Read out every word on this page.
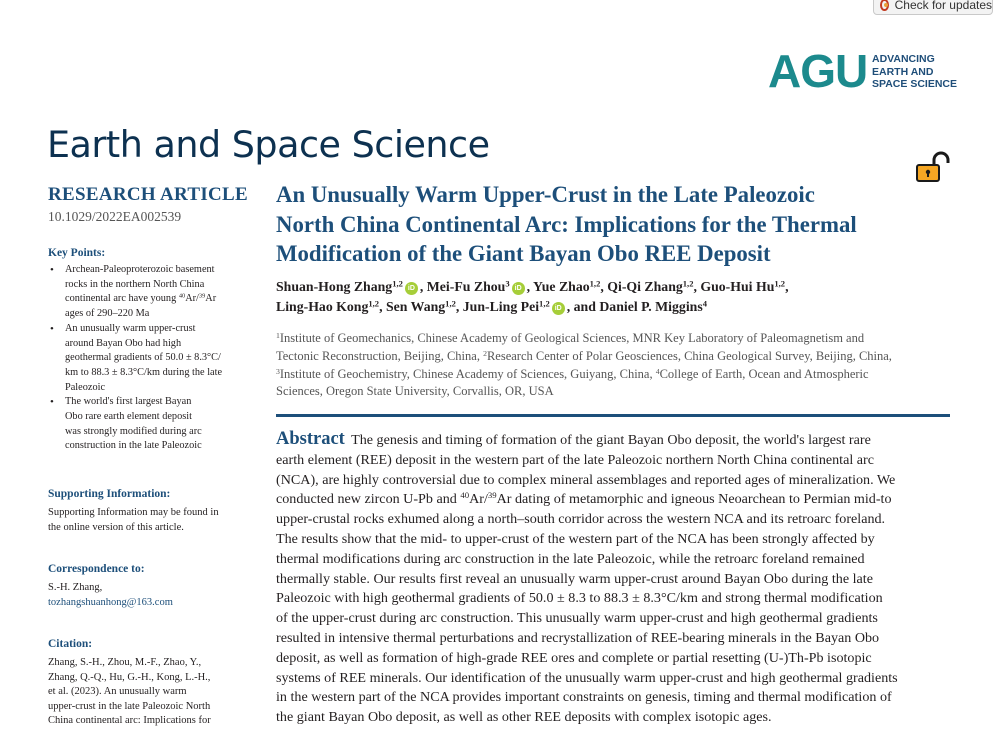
Check for updates
AGU ADVANCING
EARTH AND
SPACE SCIENCE
Earth and Space Science
RESEARCH ARTICLE
10.1029/2022EA002539
Key Points:
• Archean-Paleoproterozoic basement
rocks in the northern North China
continental arc have young $^{40}$Ar/$^{39}$Ar
ages of 290–220 Ma
• An unusually warm upper-crust
around Bayan Obo had high
geothermal gradients of 50.0 ± 8.3°C/
km to 88.3 ± 8.3°C/km during the late
Paleozoic
• The world's first largest Bayan
Obo rare earth element deposit
was strongly modified during arc
construction in the late Paleozoic
Supporting Information:
Supporting Information may be found in
the online version of this article.
Correspondence to:
S.-H. Zhang,
tozhangshuanhong@163.com
Citation:
Zhang, S.-H., Zhou, M.-F., Zhao, Y.,
Zhang, Q.-Q., Hu, G.-H., Kong, L.-H.,
et al. (2023). An unusually warm
upper-crust in the late Paleozoic North
China continental arc: Implications for
An Unusually Warm Upper-Crust in the Late Paleozoic
North China Continental Arc: Implications for the Thermal
Modification of the Giant Bayan Obo REE Deposit
Shuan-Hong Zhang$^{1,2}$iD , Mei-Fu Zhou$^3$iD , Yue Zhao$^{1,2}$, Qi-Qi Zhang$^{1,2}$, Guo-Hui Hu$^{1,2}$,
Ling-Hao Kong$^{1,2}$, Sen Wang$^{1,2}$, Jun-Ling Pei$^{1,2}$iD , and Daniel P. Miggins$^4$
$^1$Institute of Geomechanics, Chinese Academy of Geological Sciences, MNR Key Laboratory of Paleomagnetism and
Tectonic Reconstruction, Beijing, China, $^2$Research Center of Polar Geosciences, China Geological Survey, Beijing, China,
$^3$Institute of Geochemistry, Chinese Academy of Sciences, Guiyang, China, $^4$College of Earth, Ocean and Atmospheric
Sciences, Oregon State University, Corvallis, OR, USA
Abstract The genesis and timing of formation of the giant Bayan Obo deposit, the world's largest rare
earth element (REE) deposit in the western part of the late Paleozoic northern North China continental arc
(NCA), are highly controversial due to complex mineral assemblages and reported ages of mineralization. We
conducted new zircon U-Pb and $^{40}$Ar/$^{39}$Ar dating of metamorphic and igneous Neoarchean to Permian mid-to
upper-crustal rocks exhumed along a north–south corridor across the western NCA and its retroarc foreland.
The results show that the mid- to upper-crust of the western part of the NCA has been strongly affected by
thermal modifications during arc construction in the late Paleozoic, while the retroarc foreland remained
thermally stable. Our results first reveal an unusually warm upper-crust around Bayan Obo during the late
Paleozoic with high geothermal gradients of 50.0 ± 8.3 to 88.3 ± 8.3°C/km and strong thermal modification
of the upper-crust during arc construction. This unusually warm upper-crust and high geothermal gradients
resulted in intensive thermal perturbations and recrystallization of REE-bearing minerals in the Bayan Obo
deposit, as well as formation of high-grade REE ores and complete or partial resetting (U-)Th-Pb isotopic
systems of REE minerals. Our identification of the unusually warm upper-crust and high geothermal gradients
in the western part of the NCA provides important constraints on genesis, timing and thermal modification of
the giant Bayan Obo deposit, as well as other REE deposits with complex isotopic ages.
